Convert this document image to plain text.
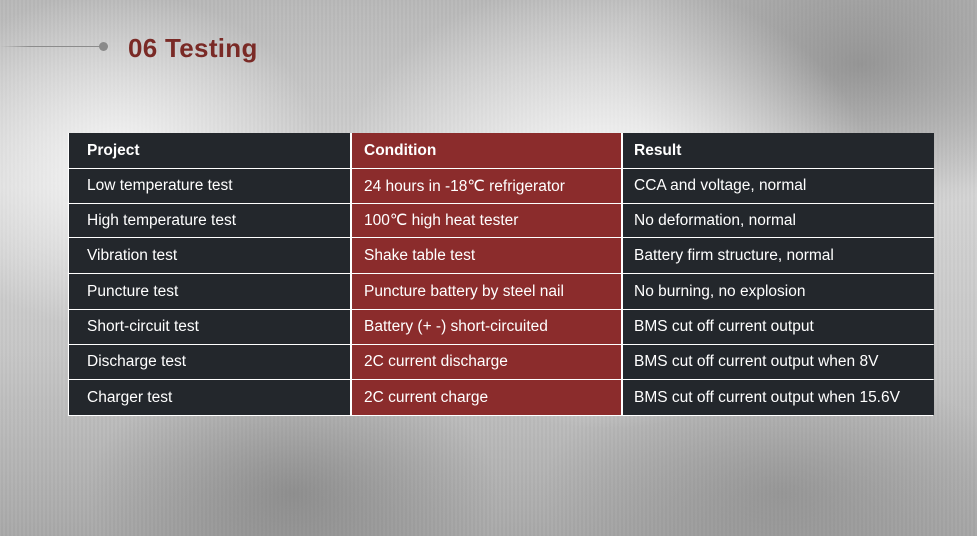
06 Testing
Project	Condition	Result
Low temperature test	24 hours in -18℃ refrigerator	CCA and voltage, normal
High temperature test	100℃ high heat tester	No deformation, normal
Vibration test	Shake table test	Battery firm structure, normal
Puncture test	Puncture battery by steel nail	No burning, no explosion
Short-circuit test	Battery (+ -) short-circuited	BMS cut off current output
Discharge test	2C current discharge	BMS cut off current output when 8V
Charger test	2C current charge	BMS cut off current output when 15.6V
